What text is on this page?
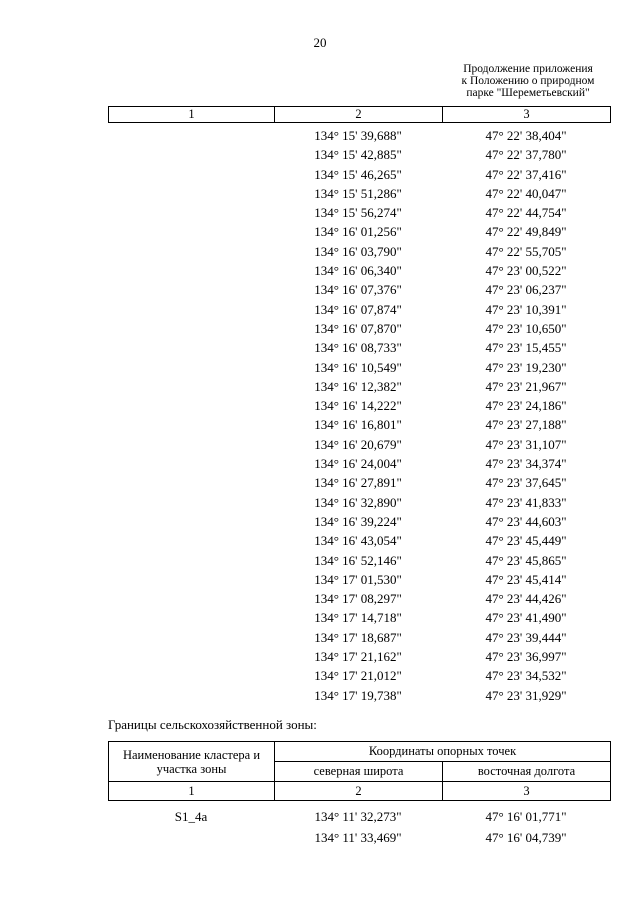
20
Продолжение приложения
к Положению о природном
парке "Шереметьевский"
1	2	3
134° 15' 39,688"	47° 22' 38,404"
134° 15' 42,885"	47° 22' 37,780"
134° 15' 46,265"	47° 22' 37,416"
134° 15' 51,286"	47° 22' 40,047"
134° 15' 56,274"	47° 22' 44,754"
134° 16' 01,256"	47° 22' 49,849"
134° 16' 03,790"	47° 22' 55,705"
134° 16' 06,340"	47° 23' 00,522"
134° 16' 07,376"	47° 23' 06,237"
134° 16' 07,874"	47° 23' 10,391"
134° 16' 07,870"	47° 23' 10,650"
134° 16' 08,733"	47° 23' 15,455"
134° 16' 10,549"	47° 23' 19,230"
134° 16' 12,382"	47° 23' 21,967"
134° 16' 14,222"	47° 23' 24,186"
134° 16' 16,801"	47° 23' 27,188"
134° 16' 20,679"	47° 23' 31,107"
134° 16' 24,004"	47° 23' 34,374"
134° 16' 27,891"	47° 23' 37,645"
134° 16' 32,890"	47° 23' 41,833"
134° 16' 39,224"	47° 23' 44,603"
134° 16' 43,054"	47° 23' 45,449"
134° 16' 52,146"	47° 23' 45,865"
134° 17' 01,530"	47° 23' 45,414"
134° 17' 08,297"	47° 23' 44,426"
134° 17' 14,718"	47° 23' 41,490"
134° 17' 18,687"	47° 23' 39,444"
134° 17' 21,162"	47° 23' 36,997"
134° 17' 21,012"	47° 23' 34,532"
134° 17' 19,738"	47° 23' 31,929"
Границы сельскохозяйственной зоны:
Наименование кластера и участка зоны	Координаты опорных точек	
	северная широта	восточная долгота
1	2	3
S1_4a	134° 11' 32,273"	47° 16' 01,771"
134° 11' 33,469"	47° 16' 04,739"
